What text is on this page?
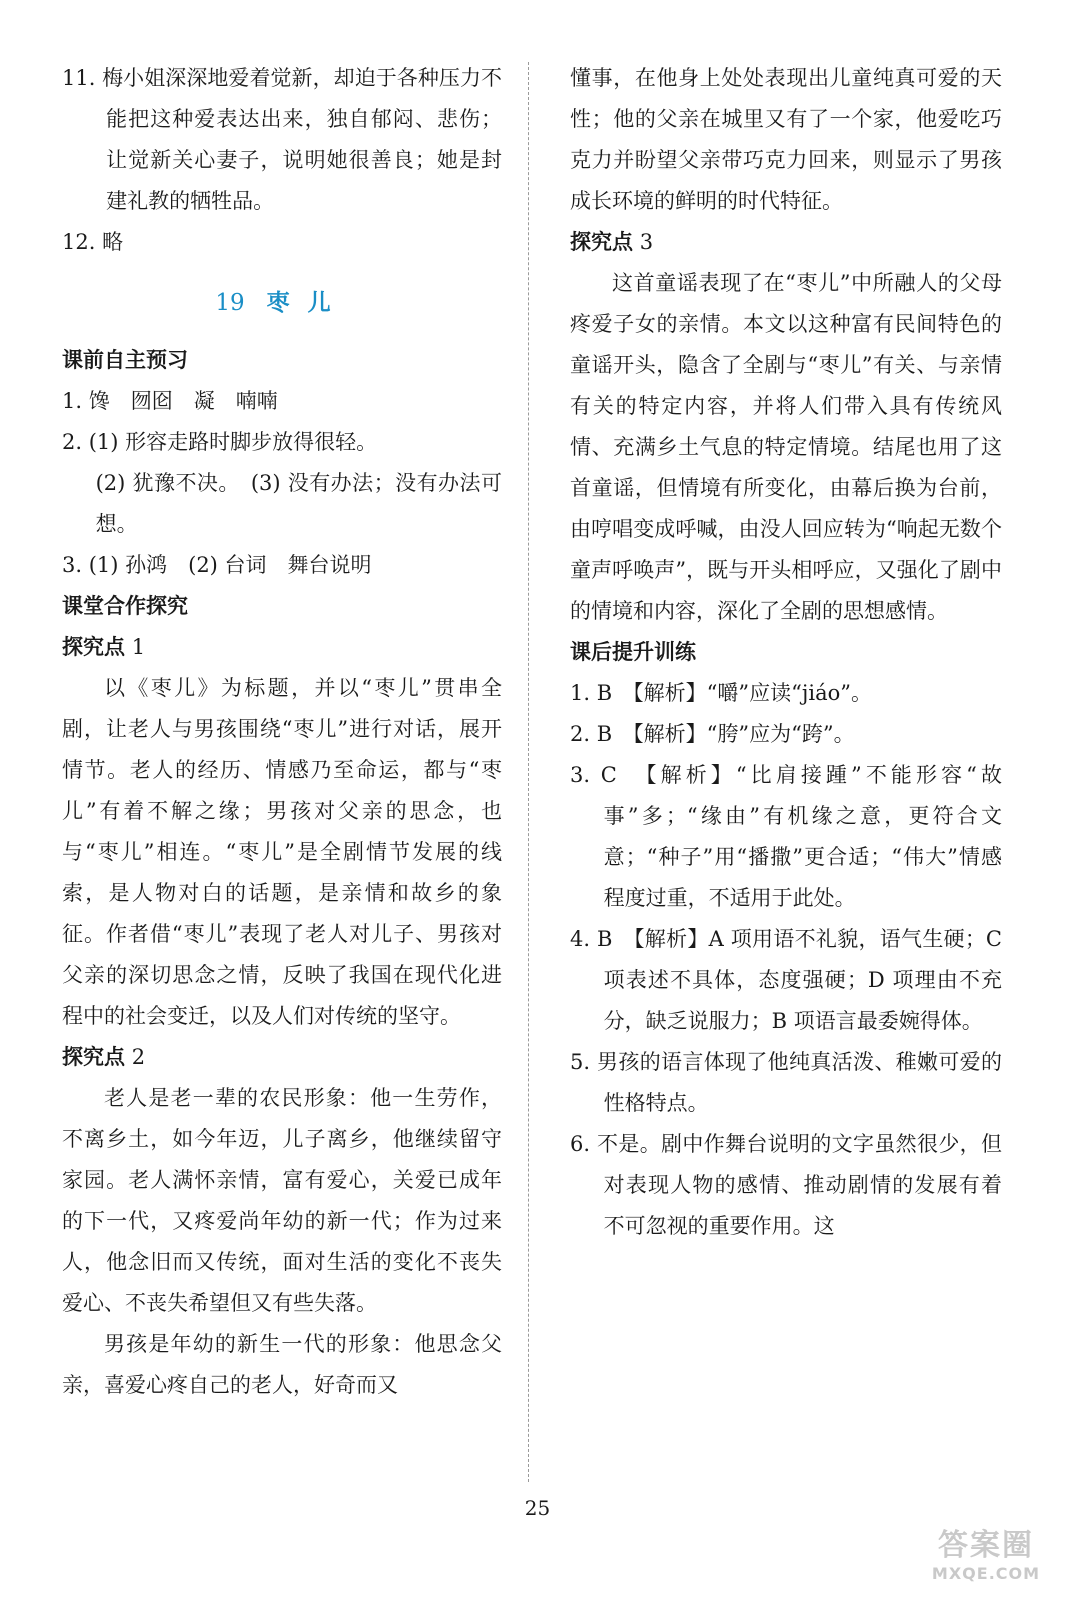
11. 梅小姐深深地爱着觉新，却迫于各种压力不能把这种爱表达出来，独自郁闷、悲伤；让觉新关心妻子，说明她很善良；她是封建礼教的牺牲品。

12. 略

19 枣儿

课前自主预习

1. 馋　囫囵　凝　喃喃

2. (1) 形容走路时脚步放得很轻。

(2) 犹豫不决。　(3) 没有办法；没有办法可想。

3. (1) 孙鸿　(2) 台词　舞台说明

课堂合作探究

探究点 1

以《枣儿》为标题，并以“枣儿”贯串全剧，让老人与男孩围绕“枣儿”进行对话，展开情节。老人的经历、情感乃至命运，都与“枣儿”有着不解之缘；男孩对父亲的思念，也与“枣儿”相连。“枣儿”是全剧情节发展的线索，是人物对白的话题，是亲情和故乡的象征。作者借“枣儿”表现了老人对儿子、男孩对父亲的深切思念之情，反映了我国在现代化进程中的社会变迁，以及人们对传统的坚守。

探究点 2

老人是老一辈的农民形象：他一生劳作，不离乡土，如今年迈，儿子离乡，他继续留守家园。老人满怀亲情，富有爱心，关爱已成年的下一代，又疼爱尚年幼的新一代；作为过来人，他念旧而又传统，面对生活的变化不丧失爱心、不丧失希望但又有些失落。

男孩是年幼的新生一代的形象：他思念父亲，喜爱心疼自己的老人，好奇而又

懂事，在他身上处处表现出儿童纯真可爱的天性；他的父亲在城里又有了一个家，他爱吃巧克力并盼望父亲带巧克力回来，则显示了男孩成长环境的鲜明的时代特征。

探究点 3

这首童谣表现了在“枣儿”中所融人的父母疼爱子女的亲情。本文以这种富有民间特色的童谣开头，隐含了全剧与“枣儿”有关、与亲情有关的特定内容，并将人们带入具有传统风情、充满乡土气息的特定情境。结尾也用了这首童谣，但情境有所变化，由幕后换为台前，由哼唱变成呼喊，由没人回应转为“响起无数个童声呼唤声”，既与开头相呼应，又强化了剧中的情境和内容，深化了全剧的思想感情。

课后提升训练

1. B　【解析】“嚼”应读“jiáo”。

2. B　【解析】“胯”应为“跨”。

3. C　【解析】“比肩接踵”不能形容“故事”多；“缘由”有机缘之意，更符合文意；“种子”用“播撒”更合适；“伟大”情感程度过重，不适用于此处。

4. B　【解析】A 项用语不礼貌，语气生硬；C 项表述不具体，态度强硬；D 项理由不充分，缺乏说服力；B 项语言最委婉得体。

5. 男孩的语言体现了他纯真活泼、稚嫩可爱的性格特点。

6. 不是。剧中作舞台说明的文字虽然很少，但对表现人物的感情、推动剧情的发展有着不可忽视的重要作用。这

25
答案圈
MXQE.COM
